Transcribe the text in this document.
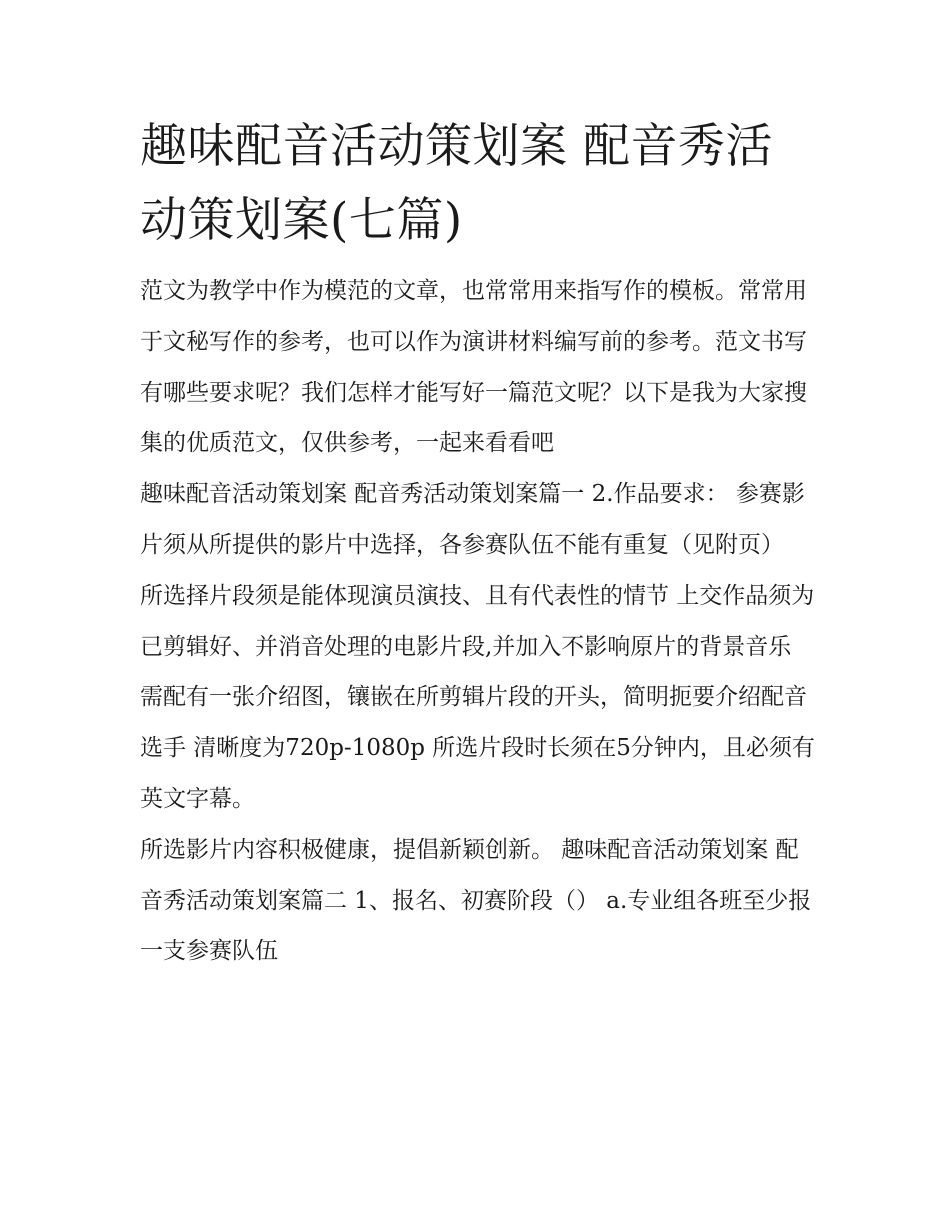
趣味配音活动策划案 配音秀活动策划案(七篇)

范文为教学中作为模范的文章，也常常用来指写作的模板。常常用于文秘写作的参考，也可以作为演讲材料编写前的参考。范文书写有哪些要求呢？我们怎样才能写好一篇范文呢？以下是我为大家搜集的优质范文，仅供参考，一起来看看吧

趣味配音活动策划案 配音秀活动策划案篇一 2.作品要求： 参赛影片须从所提供的影片中选择，各参赛队伍不能有重复（见附页）

所选择片段须是能体现演员演技、且有代表性的情节 上交作品须为已剪辑好、并消音处理的电影片段,并加入不影响原片的背景音乐

需配有一张介绍图，镶嵌在所剪辑片段的开头，简明扼要介绍配音选手 清晰度为720p-1080p 所选片段时长须在5分钟内，且必须有英文字幕。

所选影片内容积极健康，提倡新颖创新。 趣味配音活动策划案 配音秀活动策划案篇二 1、报名、初赛阶段（） a.专业组各班至少报一支参赛队伍
